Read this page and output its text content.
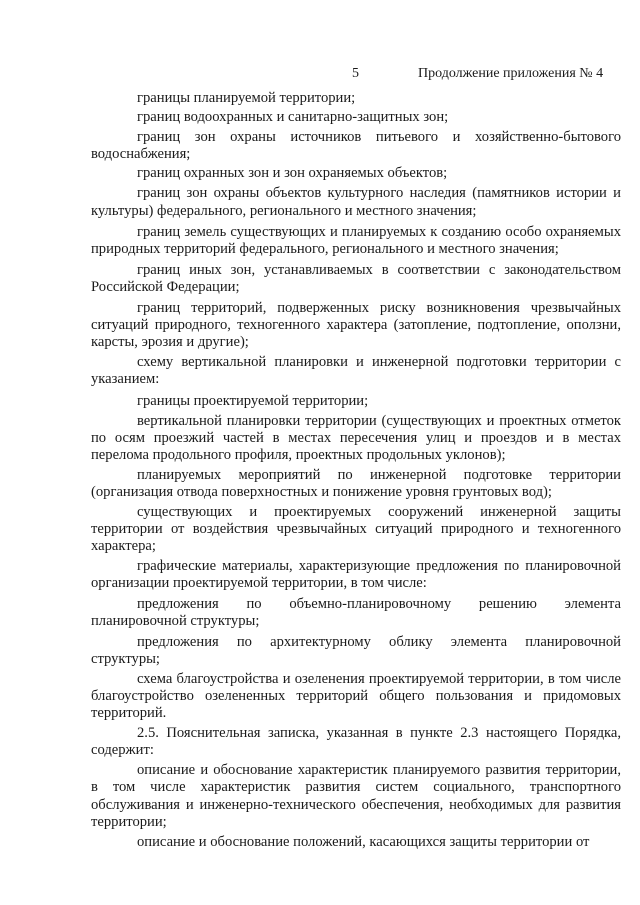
5	Продолжение приложения № 4

границы планируемой территории;

границ водоохранных и санитарно-защитных зон;

границ зон охраны источников питьевого и хозяйственно-бытового водоснабжения;

границ охранных зон и зон охраняемых объектов;

границ зон охраны объектов культурного наследия (памятников истории и культуры) федерального, регионального и местного значения;

границ земель существующих и планируемых к созданию особо охраняемых природных территорий федерального, регионального и местного значения;

границ иных зон, устанавливаемых в соответствии с законодательством Российской Федерации;

границ территорий, подверженных риску возникновения чрезвычайных ситуаций природного, техногенного характера (затопление, подтопление, оползни, карсты, эрозия и другие);

схему вертикальной планировки и инженерной подготовки территории с указанием:

границы проектируемой территории;

вертикальной планировки территории (существующих и проектных отметок по осям проезжий частей в местах пересечения улиц и проездов и в местах перелома продольного профиля, проектных продольных уклонов);

планируемых мероприятий по инженерной подготовке территории (организация отвода поверхностных и понижение уровня грунтовых вод);

существующих и проектируемых сооружений инженерной защиты территории от воздействия чрезвычайных ситуаций природного и техногенного характера;

графические материалы, характеризующие предложения по планировочной организации проектируемой территории, в том числе:

предложения по объемно-планировочному решению элемента планировочной структуры;

предложения по архитектурному облику элемента планировочной структуры;

схема благоустройства и озеленения проектируемой территории, в том числе благоустройство озелененных территорий общего пользования и придомовых территорий.

2.5. Пояснительная записка, указанная в пункте 2.3 настоящего Порядка, содержит:

описание и обоснование характеристик планируемого развития территории, в том числе характеристик развития систем социального, транспортного обслуживания и инженерно-технического обеспечения, необходимых для развития территории;

описание и обоснование положений, касающихся защиты территории от
